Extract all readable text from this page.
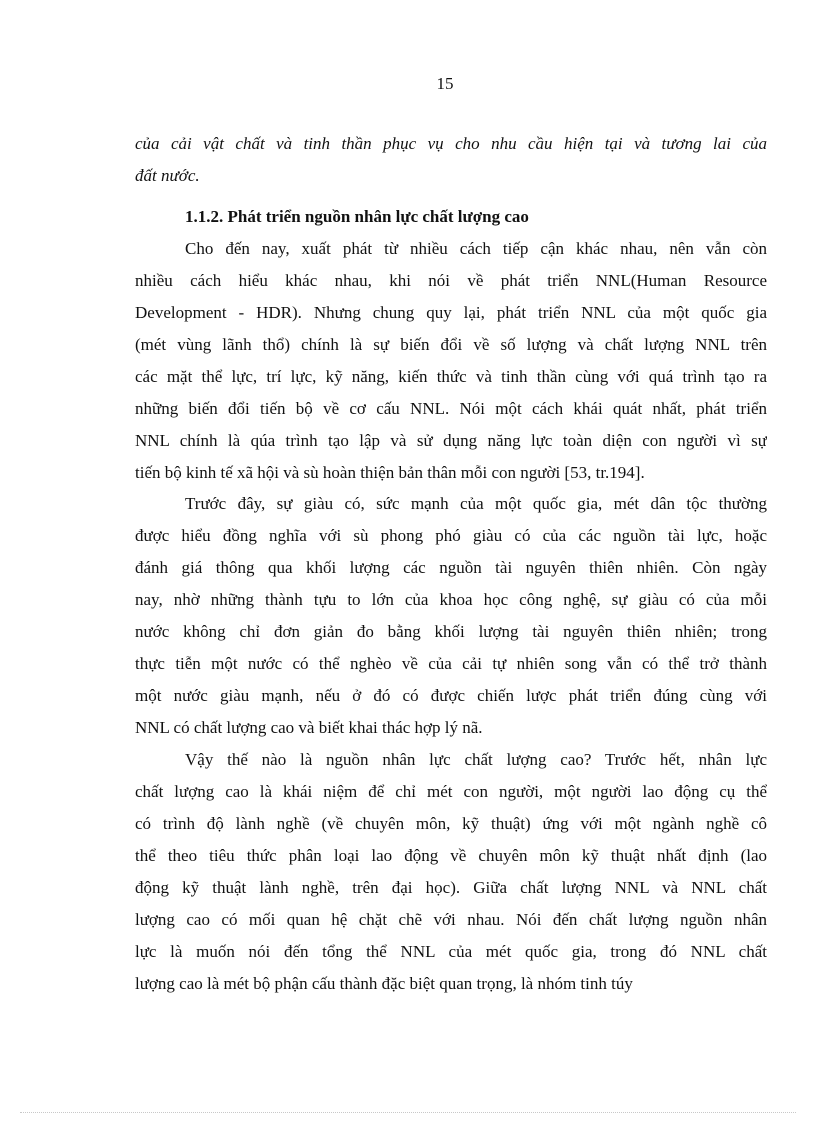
15
của cải vật chất và tinh thần phục vụ cho nhu cầu hiện tại và tương lai của
đất nước.
1.1.2. Phát triển nguồn nhân lực chất lượng cao
Cho đến nay, xuất phát từ nhiều cách tiếp cận khác nhau, nên vẫn còn
nhiều cách hiểu khác nhau, khi nói về phát triển NNL(Human Resource
Development - HDR). Nhưng chung quy lại, phát triển NNL của một quốc gia
(mét vùng lãnh thổ) chính là sự biến đổi về số lượng và chất lượng NNL trên
các mặt thể lực, trí lực, kỹ năng, kiến thức và tinh thần cùng với quá trình tạo ra
những biến đổi tiến bộ về cơ cấu NNL. Nói một cách khái quát nhất, phát triển
NNL chính là qúa trình tạo lập và sử dụng năng lực toàn diện con người vì sự
tiến bộ kinh tế xã hội và sù hoàn thiện bản thân mỗi con người [53, tr.194].
Trước đây, sự giàu có, sức mạnh của một quốc gia, mét dân tộc thường
được hiểu đồng nghĩa với sù phong phó giàu có của các nguồn tài lực, hoặc
đánh giá thông qua khối lượng các nguồn tài nguyên thiên nhiên. Còn ngày
nay, nhờ những thành tựu to lớn của khoa học công nghệ, sự giàu có của mỗi
nước không chỉ đơn giản đo bằng khối lượng tài nguyên thiên nhiên; trong
thực tiễn một nước có thể nghèo về của cải tự nhiên song vẫn có thể trở thành
một nước giàu mạnh, nếu ở đó có được chiến lược phát triển đúng cùng với
NNL có chất lượng cao và biết khai thác hợp lý nã.
Vậy thế nào là nguồn nhân lực chất lượng cao? Trước hết, nhân lực
chất lượng cao là khái niệm để chỉ mét con người, một người lao động cụ thể
có trình độ lành nghề (về chuyên môn, kỹ thuật) ứng với một ngành nghề cô
thể theo tiêu thức phân loại lao động về chuyên môn kỹ thuật nhất định (lao
động kỹ thuật lành nghề, trên đại học). Giữa chất lượng NNL và NNL chất
lượng cao có mối quan hệ chặt chẽ với nhau. Nói đến chất lượng nguồn nhân
lực là muốn nói đến tổng thể NNL của mét quốc gia, trong đó NNL chất
lượng cao là mét bộ phận cấu thành đặc biệt quan trọng, là nhóm tinh túy
